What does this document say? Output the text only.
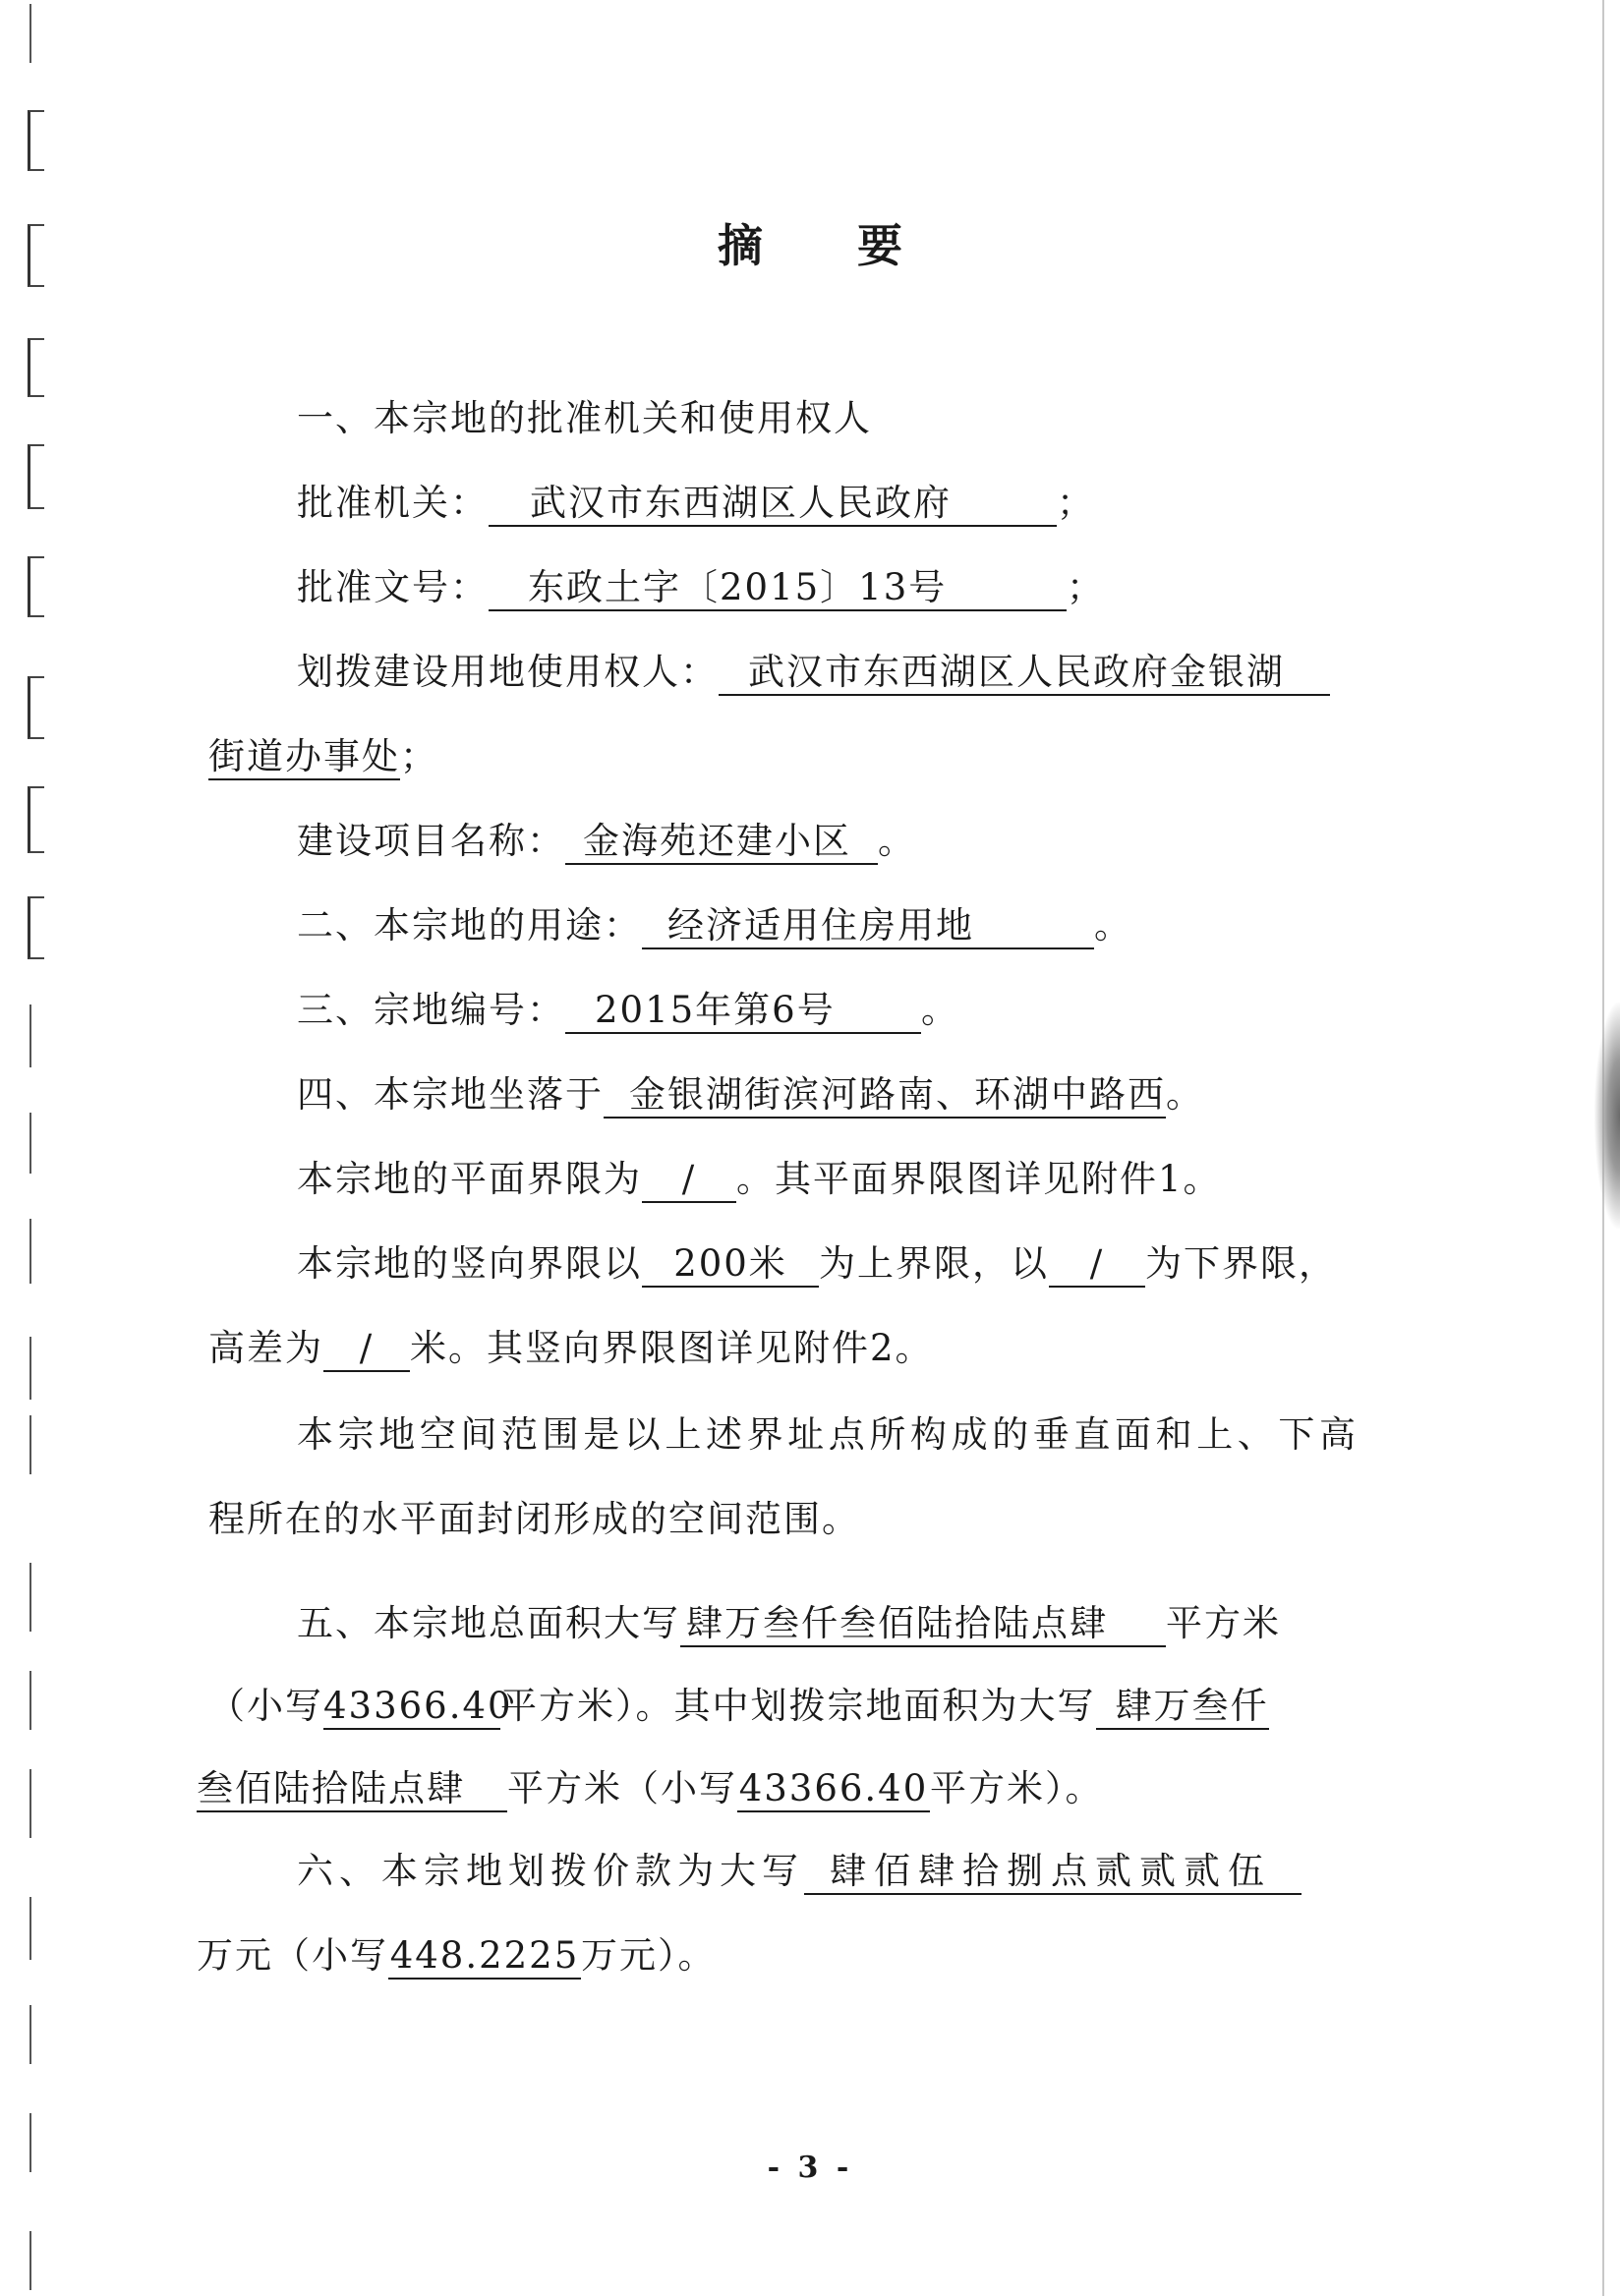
摘 要
一、本宗地的批准机关和使用权人
批准机关： 武汉市东西湖区人民政府	；
批准文号： 东政土字〔2015〕13号	；
划拨建设用地使用权人： 武汉市东西湖区人民政府金银湖
街道办事处；
建设项目名称： 金海苑还建小区 。
二、本宗地的用途： 经济适用住房用地	。
三、宗地编号： 2015年第6号 。
四、本宗地坐落于 金银湖街滨河路南、环湖中路西。
本宗地的平面界限为 / 。其平面界限图详见附件1。
本宗地的竖向界限以 200米 为上界限，以 / 为下界限，
高差为 / 米。其竖向界限图详见附件2。
本宗地空间范围是以上述界址点所构成的垂直面和上、下高
程所在的水平面封闭形成的空间范围。
五、本宗地总面积大写 肆万叁仟叁佰陆拾陆点肆 平方米
（小写43366.40平方米）。其中划拨宗地面积为大写 肆万叁仟
叁佰陆拾陆点肆 平方米（小写43366.40平方米）。
六、本宗地划拨价款为大写 肆佰肆拾捌点贰贰贰伍
万元（小写448.2225万元）。
- 3 -
